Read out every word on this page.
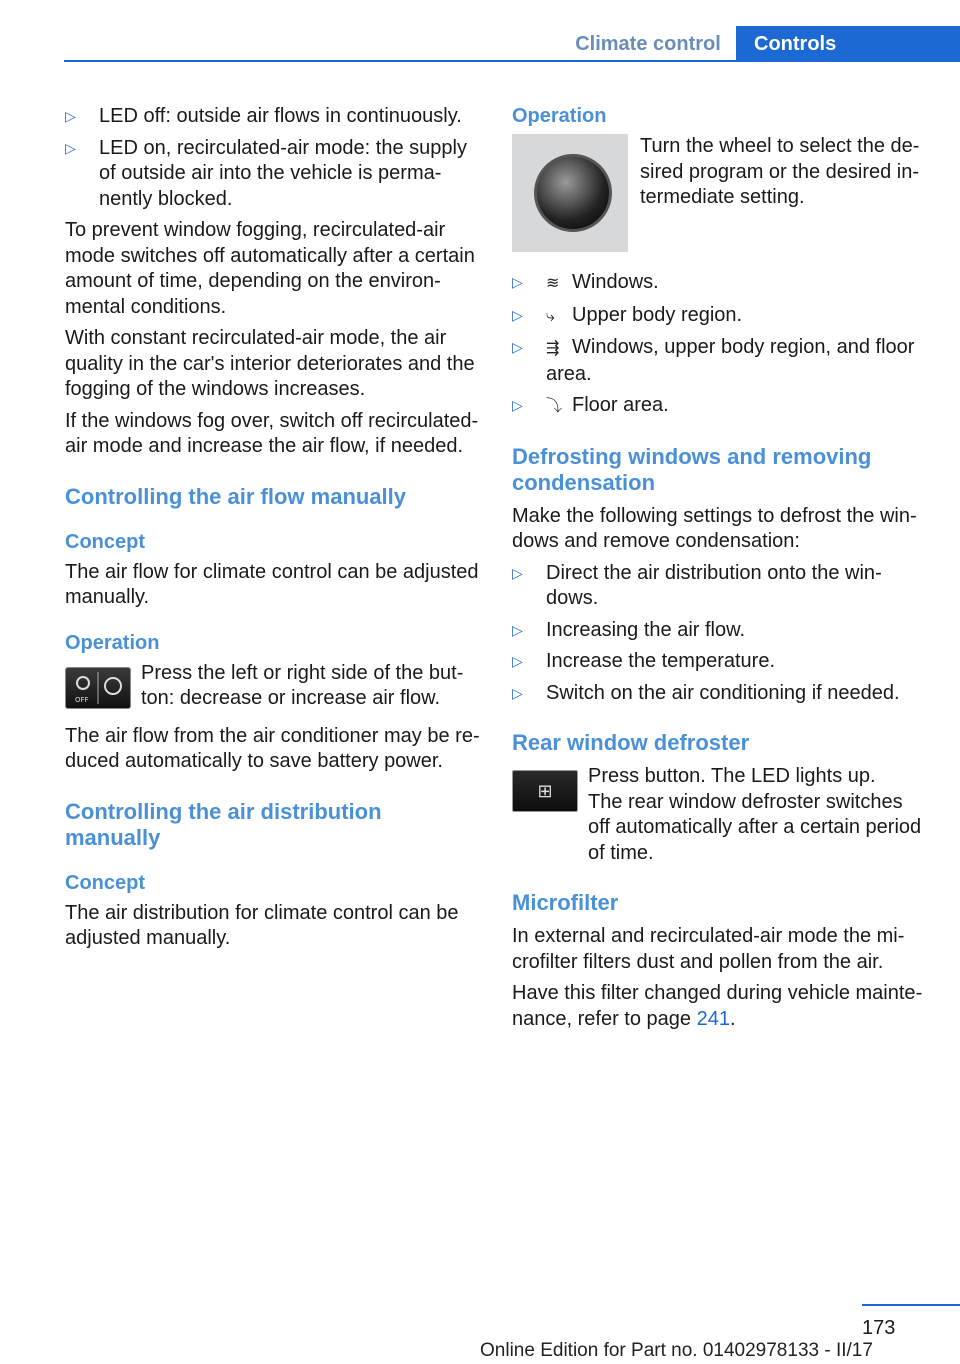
Climate control	Controls
▷ LED off: outside air flows in continuously.
▷ LED on, recirculated-air mode: the supply of outside air into the vehicle is permanently blocked.

To prevent window fogging, recirculated-air mode switches off automatically after a certain amount of time, depending on the environmental conditions.

With constant recirculated-air mode, the air quality in the car's interior deteriorates and the fogging of the windows increases.

If the windows fog over, switch off recirculated-air mode and increase the air flow, if needed.

Controlling the air flow manually
Concept

The air flow for climate control can be adjusted manually.

Operation
OFF
Press the left or right side of the button: decrease or increase air flow.

The air flow from the air conditioner may be reduced automatically to save battery power.

Controlling the air distribution manually
Concept

The air distribution for climate control can be adjusted manually.

Operation
Turn the wheel to select the desired program or the desired intermediate setting.
▷ ≋ Windows.
▷ ⤷ Upper body region.
▷ ⇶ Windows, upper body region, and floor area.
▷ ⤵ Floor area.
Defrosting windows and removing condensation

Make the following settings to defrost the windows and remove condensation:

▷ Direct the air distribution onto the windows.
▷ Increasing the air flow.
▷ Increase the temperature.
▷ Switch on the air conditioning if needed.
Rear window defroster
⊞
Press button. The LED lights up.
The rear window defroster switches off automatically after a certain period of time.
Microfilter

In external and recirculated-air mode the microfilter filters dust and pollen from the air.

Have this filter changed during vehicle maintenance, refer to page 241.

173
Online Edition for Part no. 01402978133 - II/17
